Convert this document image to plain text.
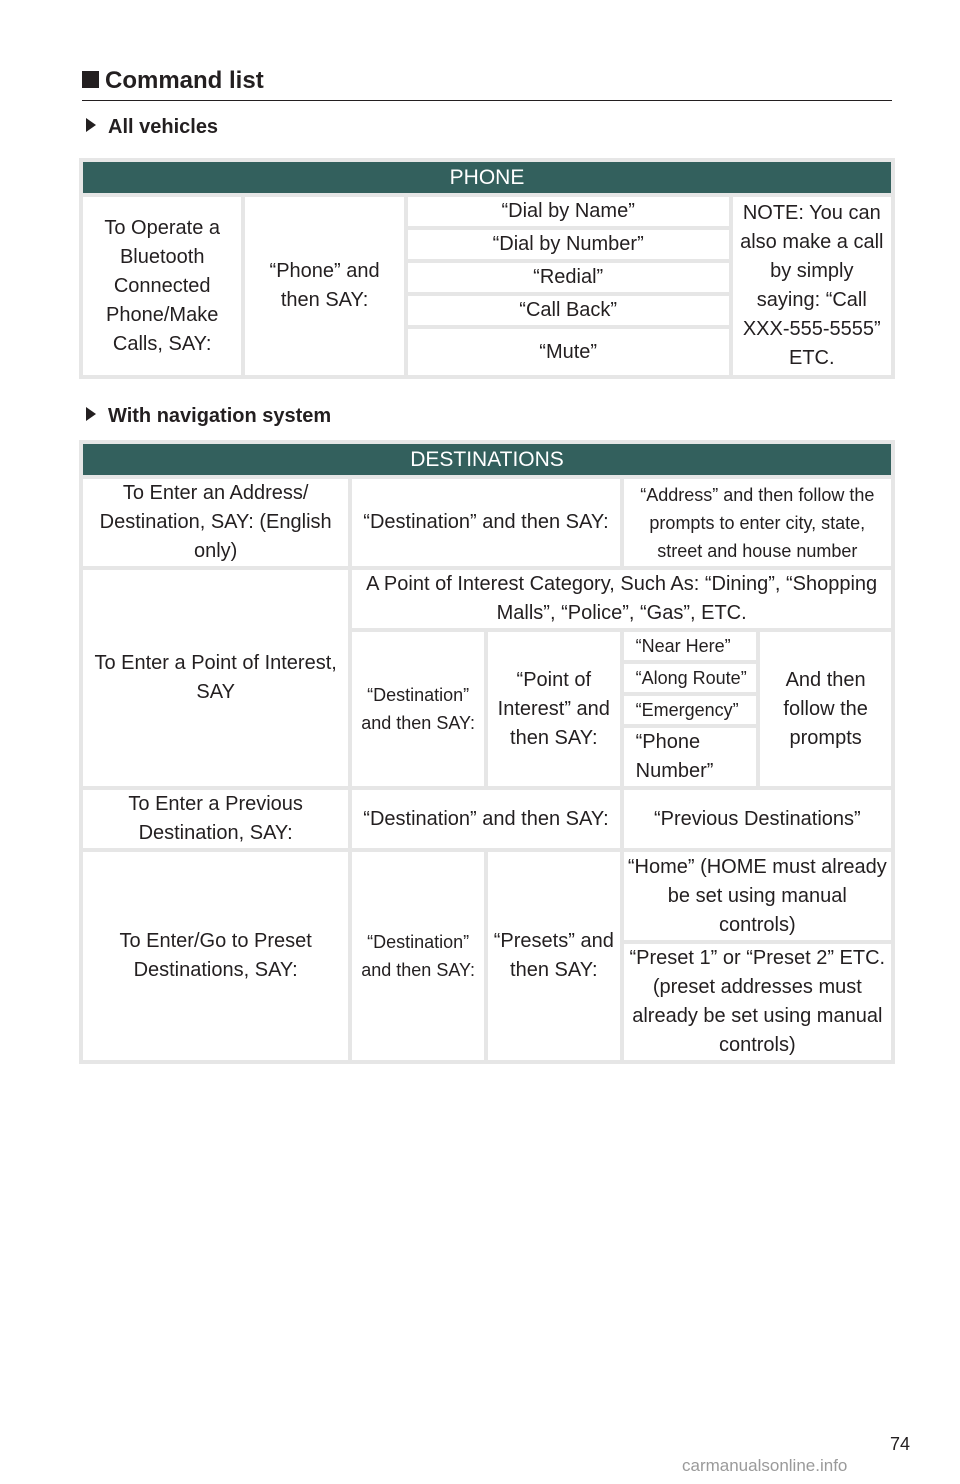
Command list
All vehicles
PHONE
To Operate a Bluetooth Connected Phone/Make Calls, SAY:	“Phone” and then SAY:	“Dial by Name”	NOTE: You can also make a call by simply saying: “Call XXX-555-5555” ETC.
“Dial by Number”
“Redial”
“Call Back”
“Mute”
With navigation system
DESTINATIONS				
To Enter an Address/ Destination, SAY: (English only)	“Destination” and then SAY:		“Address” and then follow the prompts to enter city, state, street and house number	
To Enter a Point of Interest, SAY	A Point of Interest Category, Such As: “Dining”, “Shopping Malls”, “Police”, “Gas”, ETC.			
	“Destination” and then SAY:	“Point of Interest” and then SAY:	“Near Here”	And then follow the prompts
			“Along Route”	
			“Emergency”	
			“Phone Number”	
To Enter a Previous Destination, SAY:	“Destination” and then SAY:		“Previous Destinations”	
To Enter/Go to Preset Destinations, SAY:	“Destination” and then SAY:	“Presets” and then SAY:	“Home” (HOME must already be set using manual controls)	
			“Preset 1” or “Preset 2” ETC. (preset addresses must already be set using manual controls)	
74
carmanualsonline.info
